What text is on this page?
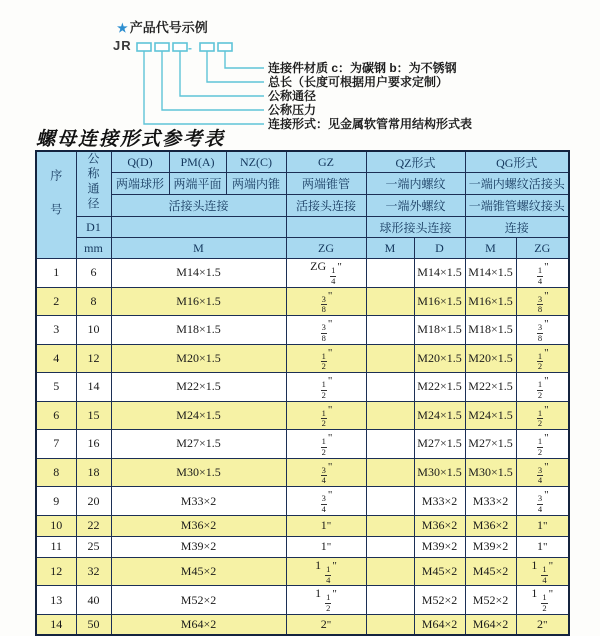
★ 产品代号示例
JR	-
连接件材质 c：为碳钢 b：为不锈钢
总长（长度可根据用户要求定制）
公称通径
公称压力
连接形式：见金属软管常用结构形式表
螺母连接形式参考表
序号	公称通径	Q(D)	PM(A)	NZ(C)	GZ	QZ形式		QG形式	
		两端球形	两端平面	两端内锥	两端锥管	一端内螺纹		一端内螺纹活接头	
		活接头连接			活接头连接	一端外螺纹		一端锥管螺纹接头	
	D1					球形接头连接		连接	
	mm	M			ZG	M	D	M	ZG
1	6	M14×1.5			ZG $\frac{1}{4}$ "		M14×1.5	M14×1.5	$\frac{1}{4}$ "
2	8	M16×1.5			$\frac{3}{8}$ "		M16×1.5	M16×1.5	$\frac{3}{8}$ "
3	10	M18×1.5			$\frac{3}{8}$ "		M18×1.5	M18×1.5	$\frac{3}{8}$ "
4	12	M20×1.5			$\frac{1}{2}$ "		M20×1.5	M20×1.5	$\frac{1}{2}$ "
5	14	M22×1.5			$\frac{1}{2}$ "		M22×1.5	M22×1.5	$\frac{1}{2}$ "
6	15	M24×1.5			$\frac{1}{2}$ "		M24×1.5	M24×1.5	$\frac{1}{2}$ "
7	16	M27×1.5			$\frac{1}{2}$ "		M27×1.5	M27×1.5	$\frac{1}{2}$ "
8	18	M30×1.5			$\frac{3}{4}$ "		M30×1.5	M30×1.5	$\frac{3}{4}$ "
9	20	M33×2			$\frac{3}{4}$ "		M33×2	M33×2	$\frac{3}{4}$ "
10	22	M36×2			1"		M36×2	M36×2	1"
11	25	M39×2			1"		M39×2	M39×2	1"
12	32	M45×2			$1 \frac{1}{4}$ "		M45×2	M45×2	$1 \frac{1}{4}$ "
13	40	M52×2			$1 \frac{1}{2}$ "		M52×2	M52×2	$1 \frac{1}{2}$ "
14	50	M64×2			2"		M64×2	M64×2	2"
